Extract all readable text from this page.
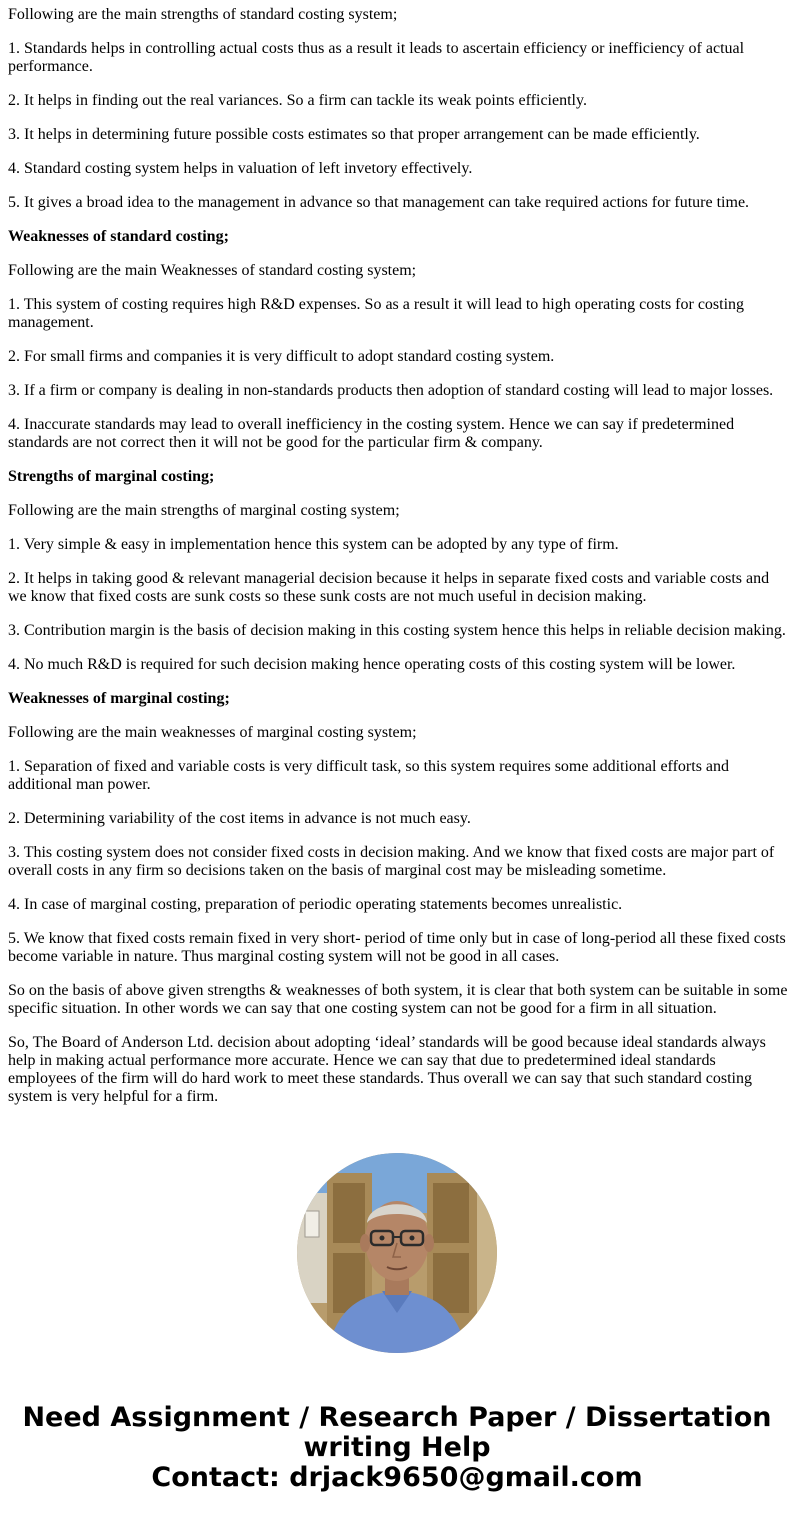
Following are the main strengths of standard costing system;

1. Standards helps in controlling actual costs thus as a result it leads to ascertain efficiency or inefficiency of actual performance.

2. It helps in finding out the real variances. So a firm can tackle its weak points efficiently.

3. It helps in determining future possible costs estimates so that proper arrangement can be made efficiently.

4. Standard costing system helps in valuation of left invetory effectively.

5. It gives a broad idea to the management in advance so that management can take required actions for future time.

Weaknesses of standard costing;

Following are the main Weaknesses of standard costing system;

1. This system of costing requires high R&D expenses. So as a result it will lead to high operating costs for costing management.

2. For small firms and companies it is very difficult to adopt standard costing system.

3. If a firm or company is dealing in non-standards products then adoption of standard costing will lead to major losses.

4. Inaccurate standards may lead to overall inefficiency in the costing system. Hence we can say if predetermined standards are not correct then it will not be good for the particular firm & company.

Strengths of marginal costing;

Following are the main strengths of marginal costing system;

1. Very simple & easy in implementation hence this system can be adopted by any type of firm.

2. It helps in taking good & relevant managerial decision because it helps in separate fixed costs and variable costs and we know that fixed costs are sunk costs so these sunk costs are not much useful in decision making.

3. Contribution margin is the basis of decision making in this costing system hence this helps in reliable decision making.

4. No much R&D is required for such decision making hence operating costs of this costing system will be lower.

Weaknesses of marginal costing;

Following are the main weaknesses of marginal costing system;

1. Separation of fixed and variable costs is very difficult task, so this system requires some additional efforts and additional man power.

2. Determining variability of the cost items in advance is not much easy.

3. This costing system does not consider fixed costs in decision making. And we know that fixed costs are major part of overall costs in any firm so decisions taken on the basis of marginal cost may be misleading sometime.

4. In case of marginal costing, preparation of periodic operating statements becomes unrealistic.

5. We know that fixed costs remain fixed in very short- period of time only but in case of long-period all these fixed costs become variable in nature. Thus marginal costing system will not be good in all cases.

So on the basis of above given strengths & weaknesses of both system, it is clear that both system can be suitable in some specific situation. In other words we can say that one costing system can not be good for a firm in all situation.

So, The Board of Anderson Ltd. decision about adopting ‘ideal’ standards will be good because ideal standards always help in making actual performance more accurate. Hence we can say that due to predetermined ideal standards employees of the firm will do hard work to meet these standards. Thus overall we can say that such standard costing system is very helpful for a firm.

Need Assignment / Research Paper / Dissertation
writing Help
Contact: drjack9650@gmail.com
